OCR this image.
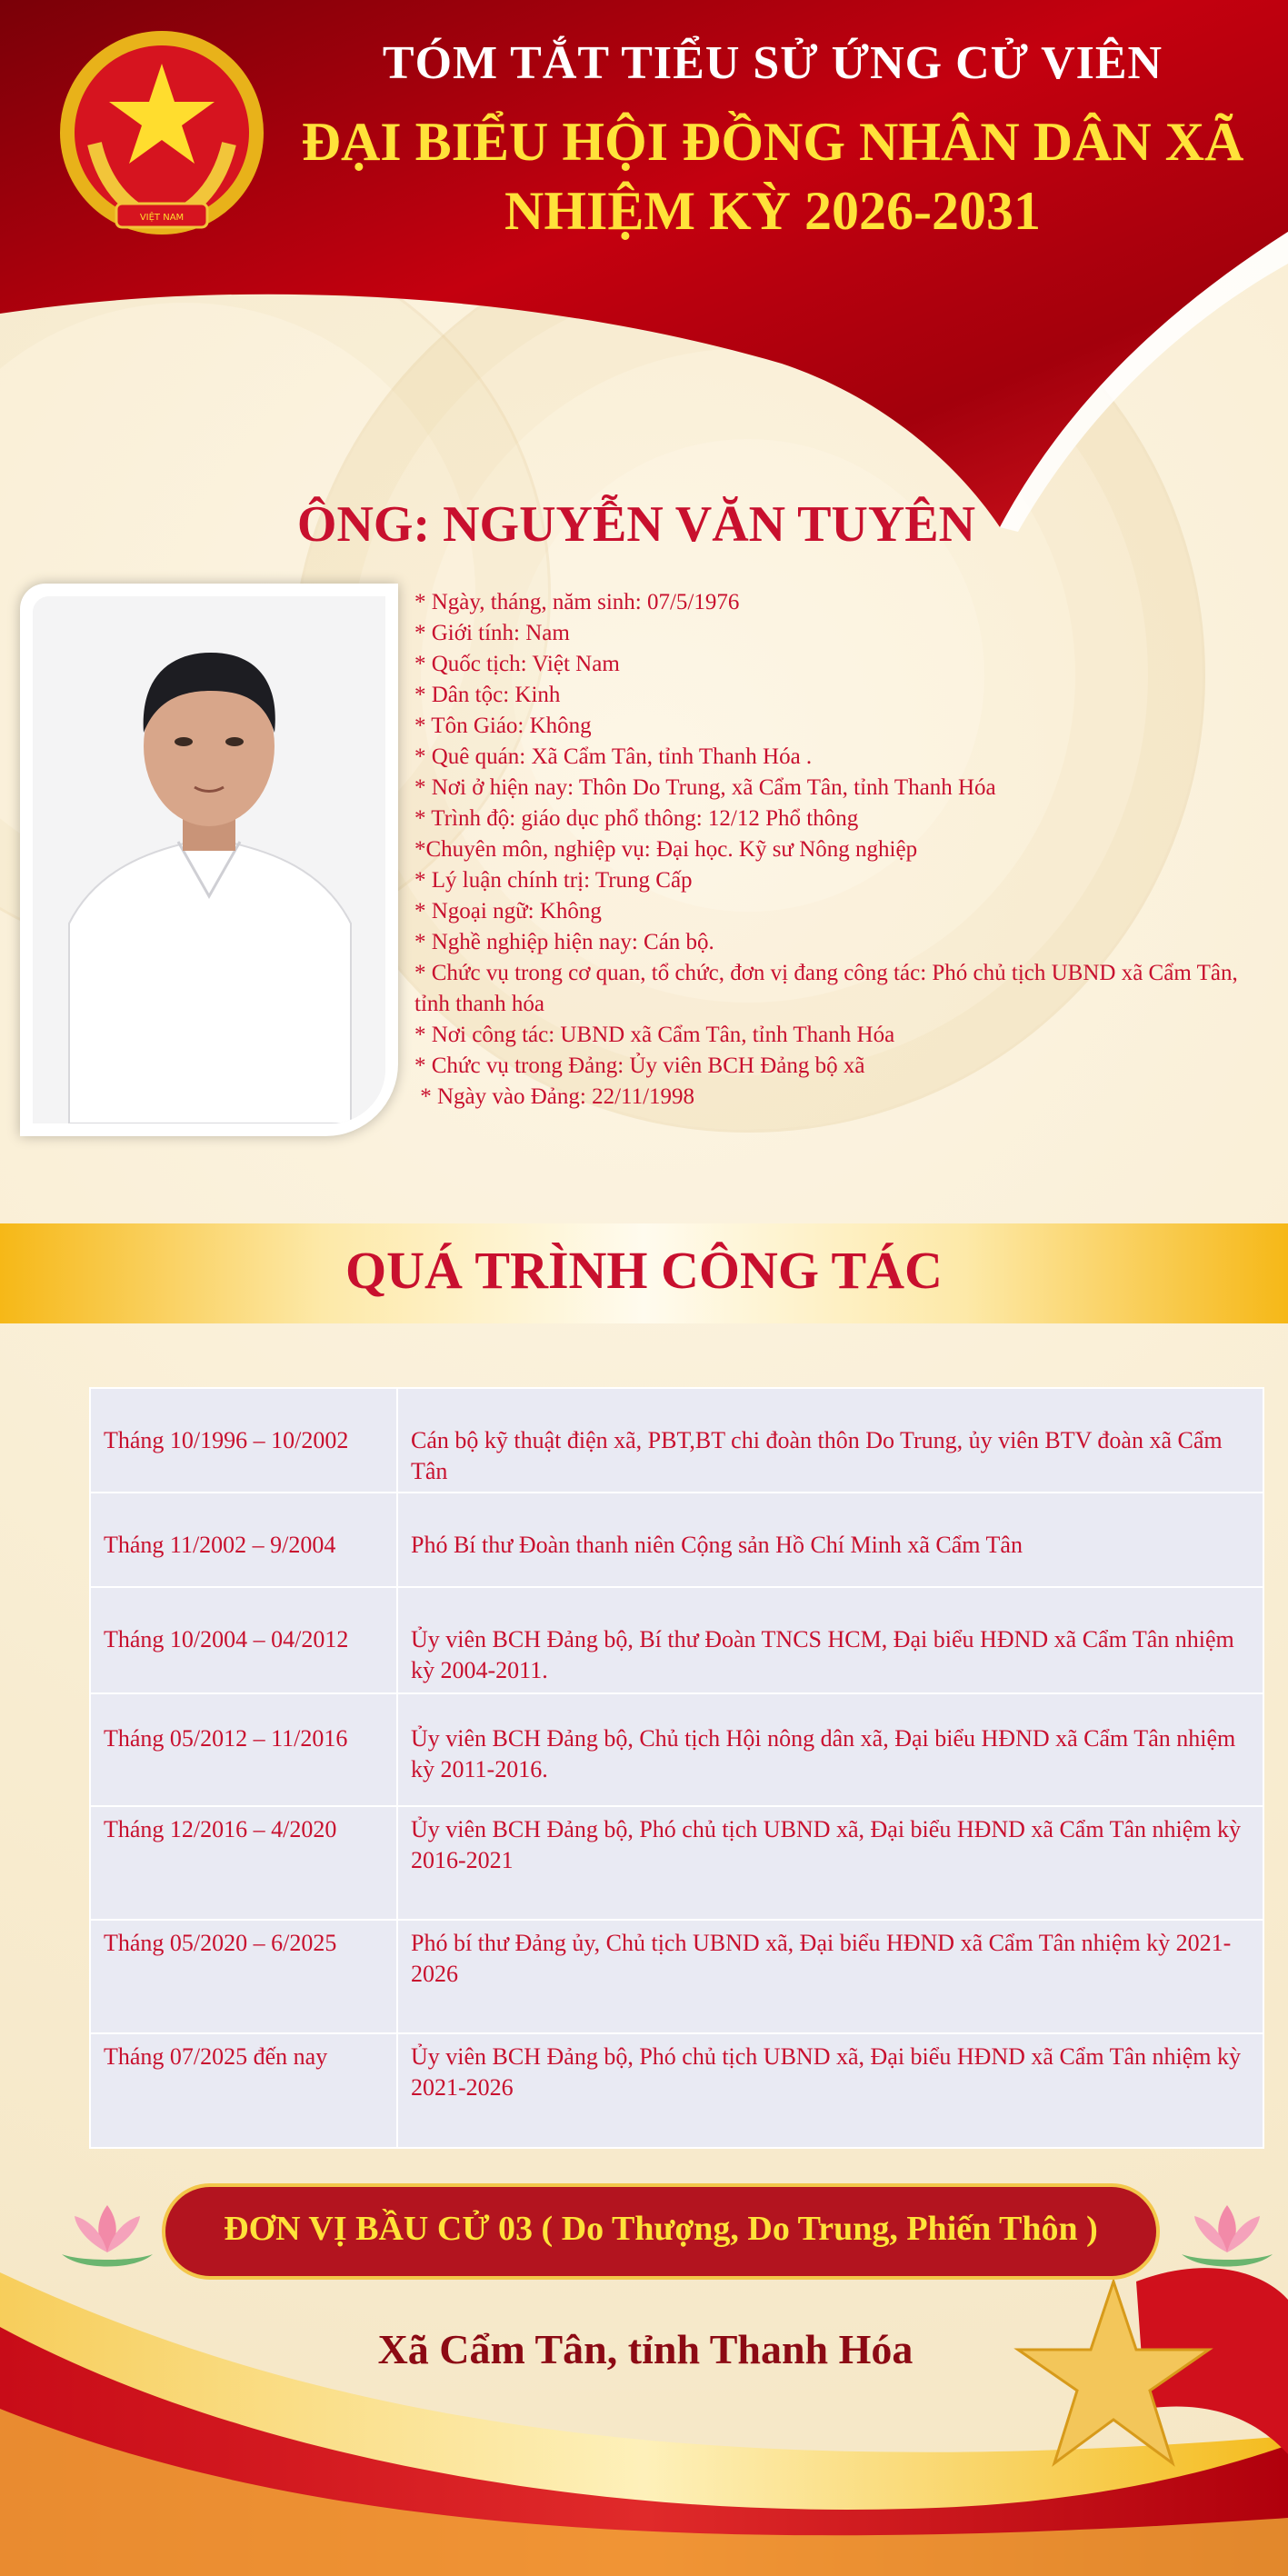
VIỆT NAM
TÓM TẮT TIỂU SỬ ỨNG CỬ VIÊN
ĐẠI BIỂU HỘI ĐỒNG NHÂN DÂN XÃ
NHIỆM KỲ 2026-2031
ÔNG: NGUYỄN VĂN TUYÊN
* Ngày, tháng, năm sinh: 07/5/1976
* Giới tính: Nam
* Quốc tịch: Việt Nam
* Dân tộc: Kinh
* Tôn Giáo: Không
* Quê quán: Xã Cẩm Tân, tỉnh Thanh Hóa .
* Nơi ở hiện nay: Thôn Do Trung, xã Cẩm Tân, tỉnh Thanh Hóa
* Trình độ: giáo dục phổ thông: 12/12 Phổ thông
*Chuyên môn, nghiệp vụ: Đại học. Kỹ sư Nông nghiệp
* Lý luận chính trị: Trung Cấp
* Ngoại ngữ: Không
* Nghề nghiệp hiện nay: Cán bộ.
* Chức vụ trong cơ quan, tổ chức, đơn vị đang công tác: Phó chủ tịch UBND xã Cẩm Tân, tỉnh thanh hóa
* Nơi công tác: UBND xã Cẩm Tân, tỉnh Thanh Hóa
* Chức vụ trong Đảng: Ủy viên BCH Đảng bộ xã
* Ngày vào Đảng: 22/11/1998
QUÁ TRÌNH CÔNG TÁC
Tháng 10/1996 – 10/2002	Cán bộ kỹ thuật điện xã, PBT,BT chi đoàn thôn Do Trung, ủy viên BTV đoàn xã Cẩm Tân
Tháng 11/2002 – 9/2004	Phó Bí thư Đoàn thanh niên Cộng sản Hồ Chí Minh xã Cẩm Tân
Tháng 10/2004 – 04/2012	Ủy viên BCH Đảng bộ, Bí thư Đoàn TNCS HCM, Đại biểu HĐND xã Cẩm Tân nhiệm kỳ 2004-2011.
Tháng 05/2012 – 11/2016	Ủy viên BCH Đảng bộ, Chủ tịch Hội nông dân xã, Đại biểu HĐND xã Cẩm Tân nhiệm kỳ 2011-2016.
Tháng 12/2016 – 4/2020	Ủy viên BCH Đảng bộ, Phó chủ tịch UBND xã, Đại biểu HĐND xã Cẩm Tân nhiệm kỳ 2016-2021
Tháng 05/2020 – 6/2025	Phó bí thư Đảng ủy, Chủ tịch UBND xã, Đại biểu HĐND xã Cẩm Tân nhiệm kỳ 2021-2026
Tháng 07/2025 đến nay	Ủy viên BCH Đảng bộ, Phó chủ tịch UBND xã, Đại biểu HĐND xã Cẩm Tân nhiệm kỳ 2021-2026
ĐƠN VỊ BẦU CỬ 03 ( Do Thượng, Do Trung, Phiến Thôn )
Xã Cẩm Tân, tỉnh Thanh Hóa
